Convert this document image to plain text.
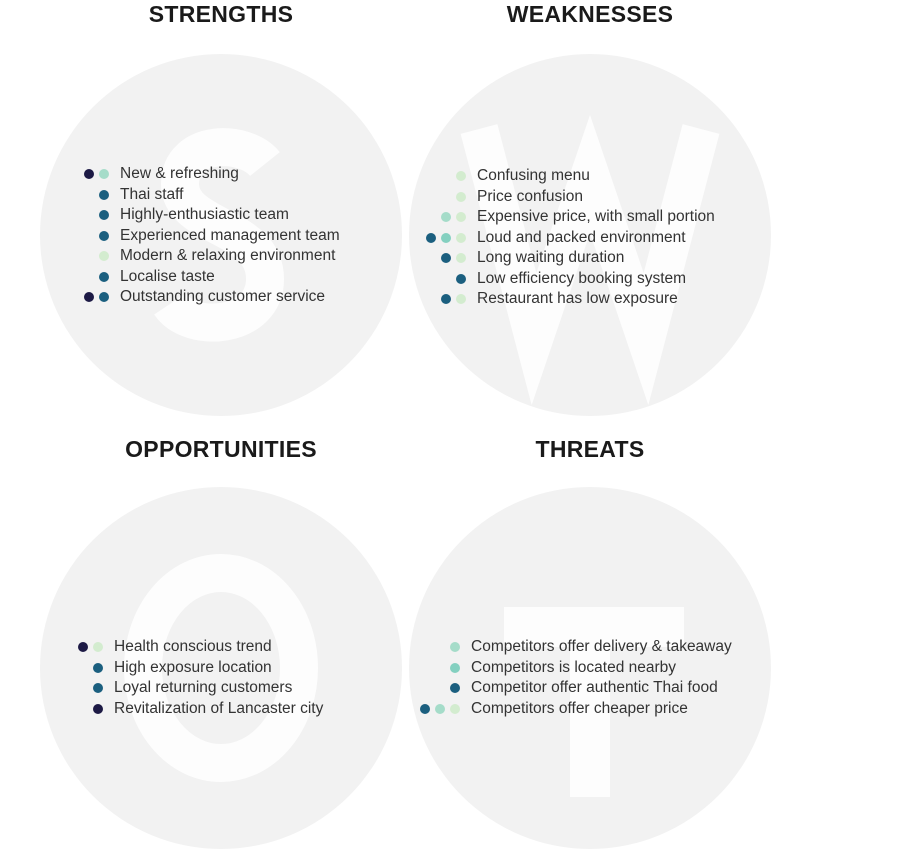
STRENGTHS
New & refreshing
Thai staff
Highly-enthusiastic team
Experienced management team
Modern & relaxing environment
Localise taste
Outstanding customer service
WEAKNESSES
Confusing menu
Price confusion
Expensive price, with small portion
Loud and packed environment
Long waiting duration
Low efficiency booking system
Restaurant has low exposure
OPPORTUNITIES
Health conscious trend
High exposure location
Loyal returning customers
Revitalization of Lancaster city
THREATS
Competitors offer delivery & takeaway
Competitors is located nearby
Competitor offer authentic Thai food
Competitors offer cheaper price
